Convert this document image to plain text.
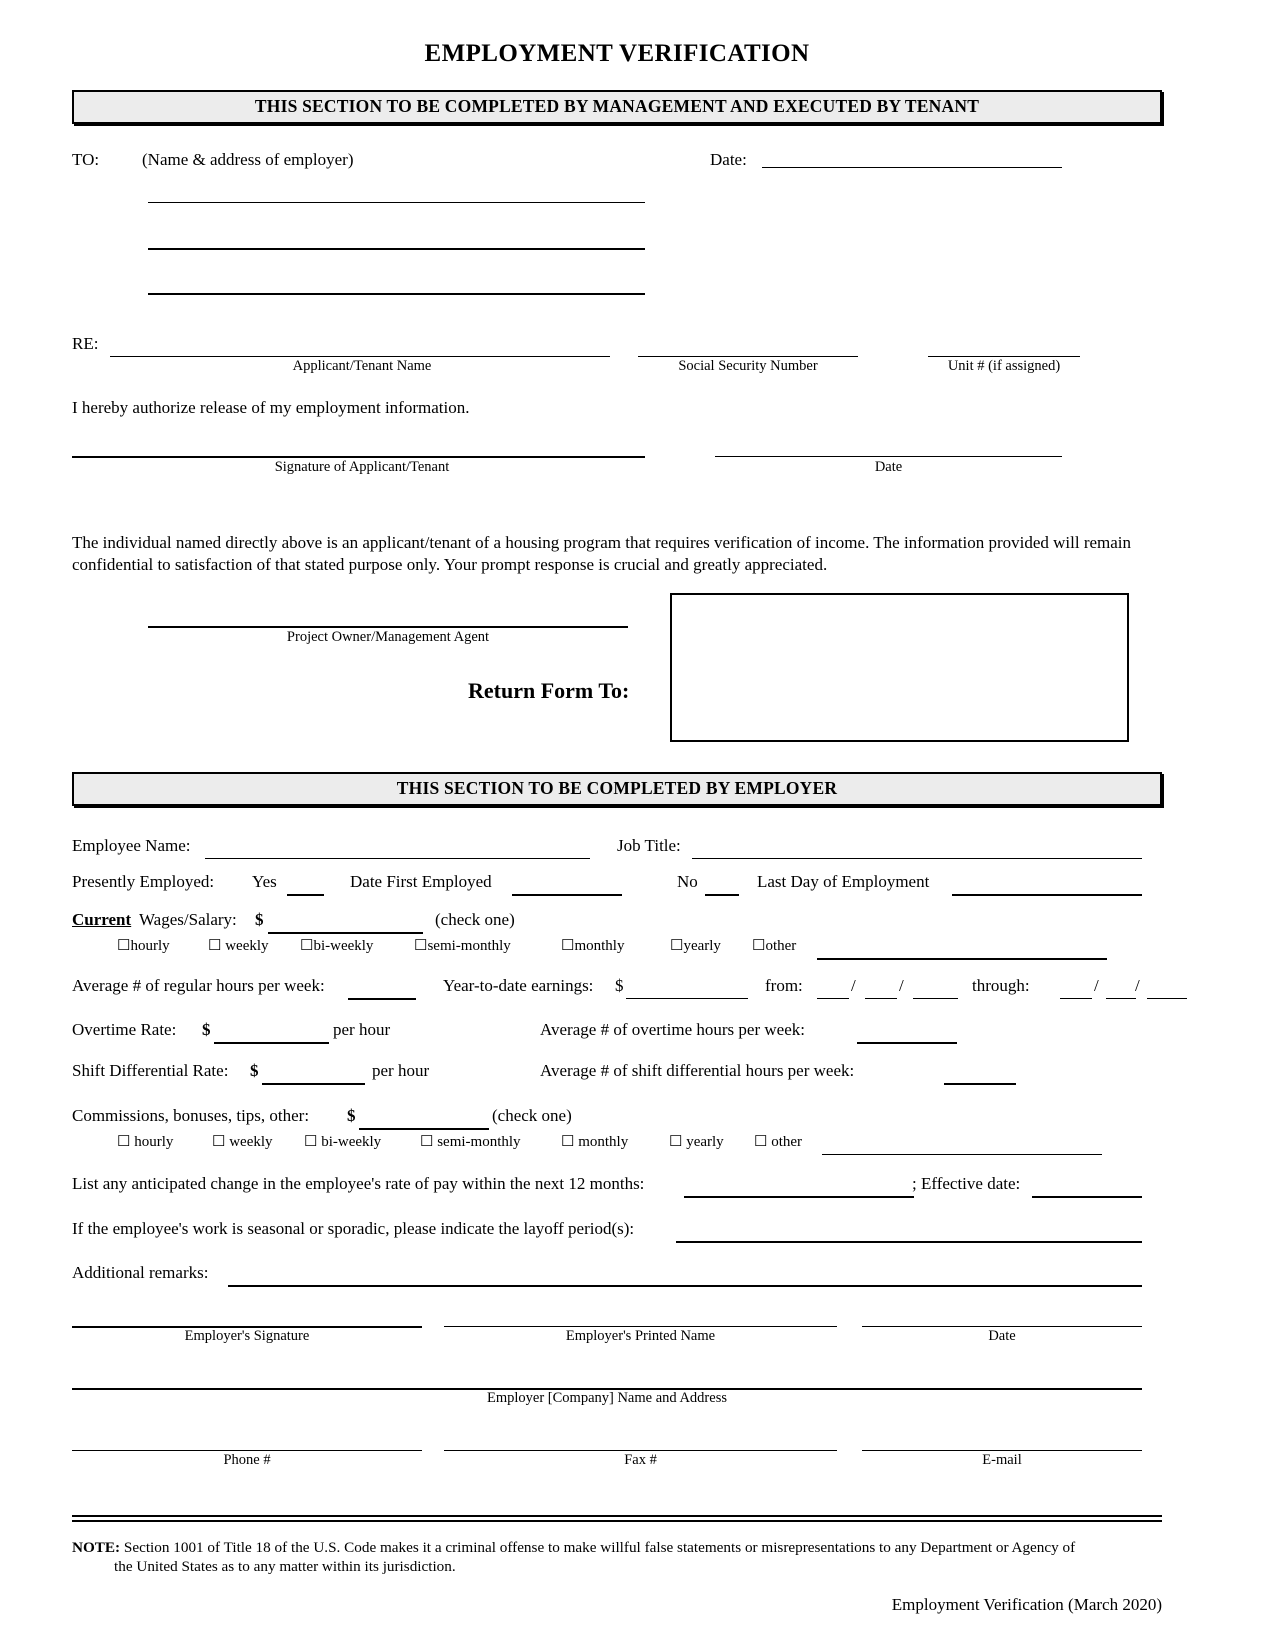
EMPLOYMENT VERIFICATION
THIS SECTION TO BE COMPLETED BY MANAGEMENT AND EXECUTED BY TENANT
TO:	(Name & address of employer)	Date:
RE:
Applicant/Tenant Name	Social Security Number	Unit # (if assigned)
I hereby authorize release of my employment information.
Signature of Applicant/Tenant	Date
The individual named directly above is an applicant/tenant of a housing program that requires verification of income. The information provided will remain confidential to satisfaction of that stated purpose only. Your prompt response is crucial and greatly appreciated.
Project Owner/Management Agent
Return Form To:
THIS SECTION TO BE COMPLETED BY EMPLOYER
Employee Name:	Job Title:
Presently Employed: Yes	Date First Employed	No	Last Day of Employment
Current Wages/Salary: $	(check one)
☐hourly	☐ weekly ☐bi-weekly	☐semi-monthly	☐monthly	☐yearly ☐other
Average # of regular hours per week:	Year-to-date earnings: $	from:	/	/	through:	/ /
Overtime Rate: $	per hour	Average # of overtime hours per week:
Shift Differential Rate: $	per hour	Average # of shift differential hours per week:
Commissions, bonuses, tips, other: $	(check one)
☐ hourly	☐ weekly ☐ bi-weekly	☐ semi-monthly	☐ monthly	☐ yearly ☐ other
List any anticipated change in the employee's rate of pay within the next 12 months:	; Effective date:
If the employee's work is seasonal or sporadic, please indicate the layoff period(s):
Additional remarks:
Employer's Signature	Employer's Printed Name	Date
Employer [Company] Name and Address
Phone #	Fax #	E-mail
NOTE: Section 1001 of Title 18 of the U.S. Code makes it a criminal offense to make willful false statements or misrepresentations to any Department or Agency of
the United States as to any matter within its jurisdiction.
Employment Verification (March 2020)
